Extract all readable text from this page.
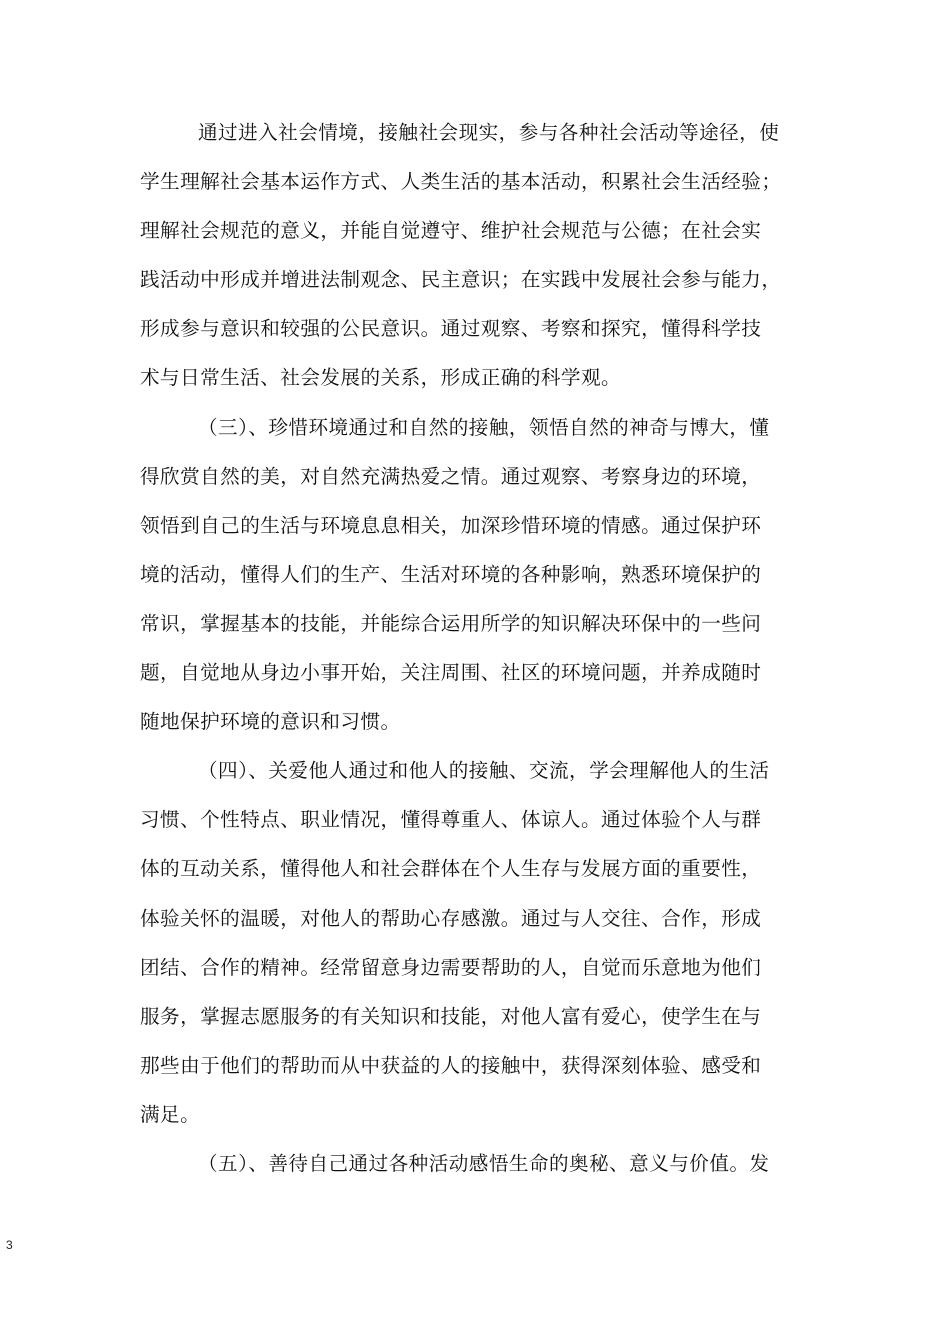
通过进入社会情境，接触社会现实，参与各种社会活动等途径，使
学生理解社会基本运作方式、人类生活的基本活动，积累社会生活经验；
理解社会规范的意义，并能自觉遵守、维护社会规范与公德；在社会实
践活动中形成并增进法制观念、民主意识；在实践中发展社会参与能力，
形成参与意识和较强的公民意识。通过观察、考察和探究，懂得科学技
术与日常生活、社会发展的关系，形成正确的科学观。

（三）、珍惜环境通过和自然的接触，领悟自然的神奇与博大，懂
得欣赏自然的美，对自然充满热爱之情。通过观察、考察身边的环境，
领悟到自己的生活与环境息息相关，加深珍惜环境的情感。通过保护环
境的活动，懂得人们的生产、生活对环境的各种影响，熟悉环境保护的
常识，掌握基本的技能，并能综合运用所学的知识解决环保中的一些问
题，自觉地从身边小事开始，关注周围、社区的环境问题，并养成随时
随地保护环境的意识和习惯。

（四）、关爱他人通过和他人的接触、交流，学会理解他人的生活
习惯、个性特点、职业情况，懂得尊重人、体谅人。通过体验个人与群
体的互动关系，懂得他人和社会群体在个人生存与发展方面的重要性，
体验关怀的温暖，对他人的帮助心存感激。通过与人交往、合作，形成
团结、合作的精神。经常留意身边需要帮助的人，自觉而乐意地为他们
服务，掌握志愿服务的有关知识和技能，对他人富有爱心，使学生在与
那些由于他们的帮助而从中获益的人的接触中，获得深刻体验、感受和
满足。

（五）、善待自己通过各种活动感悟生命的奥秘、意义与价值。发

3
